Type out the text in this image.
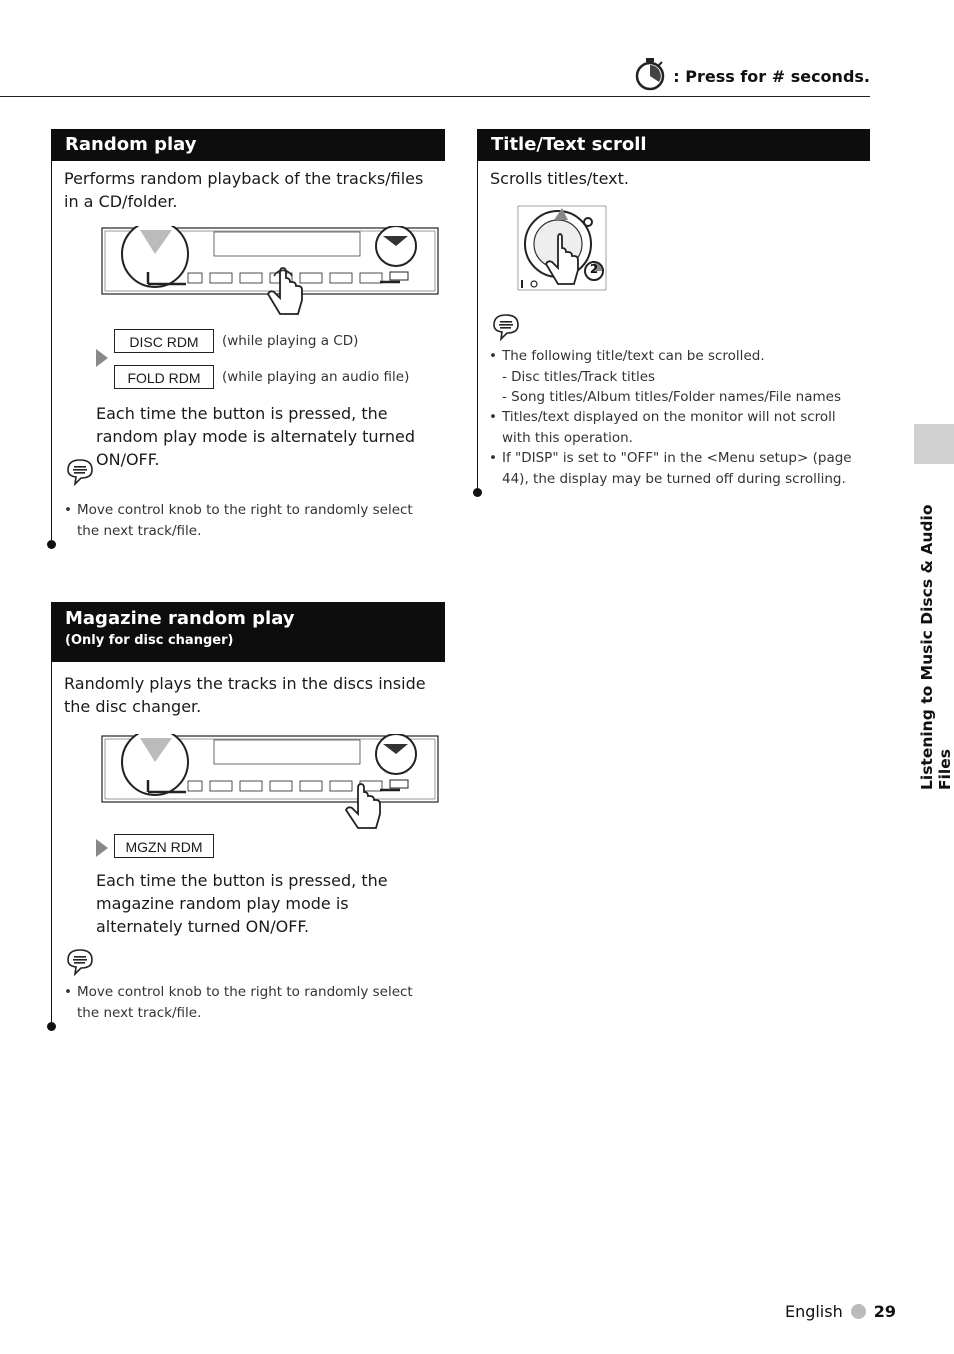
: Press for # seconds.
Random play
Performs random playback of the tracks/files in a CD/folder.
DISC RDM	(while playing a CD)
FOLD RDM	(while playing an audio file)
Each time the button is pressed, the random play mode is alternately turned ON/OFF.
• Move control knob to the right to randomly select the next track/file.
Magazine random play
(Only for disc changer)
Randomly plays the tracks in the discs inside the disc changer.
MGZN RDM
Each time the button is pressed, the magazine random play mode is alternately turned ON/OFF.
• Move control knob to the right to randomly select the next track/file.
Title/Text scroll
Scrolls titles/text.
2
• The following title/text can be scrolled.
- Disc titles/Track titles
- Song titles/Album titles/Folder names/File names
• Titles/text displayed on the monitor will not scroll with this operation.
• If "DISP" is set to "OFF" in the <Menu setup> (page 44), the display may be turned off during scrolling.
Listening to Music Discs & Audio Files
English 29
